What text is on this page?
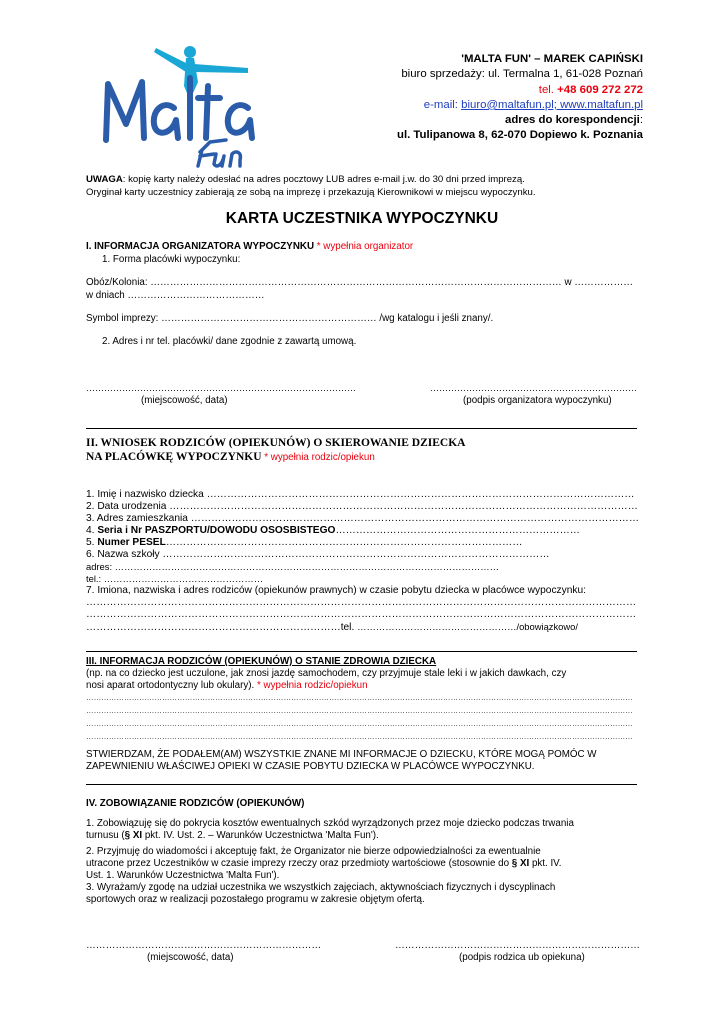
'MALTA FUN' – MAREK CAPIŃSKI
biuro sprzedaży: ul. Termalna 1, 61-028 Poznań
tel. +48 609 272 272
e-mail: biuro@maltafun.pl; www.maltafun.pl
adres do korespondencji:
ul. Tulipanowa 8, 62-070 Dopiewo k. Poznania
UWAGA: kopię karty należy odesłać na adres pocztowy LUB adres e-mail j.w. do 30 dni przed imprezą.
Oryginał karty uczestnicy zabierają ze sobą na imprezę i przekazują Kierownikowi w miejscu wypoczynku.
KARTA UCZESTNIKA WYPOCZYNKU
I. INFORMACJA ORGANIZATORA WYPOCZYNKU * wypełnia organizator
1. Forma placówki wypoczynku:
Obóz/Kolonia: ……………………………………………………………………………………………………………… w ………………
w dniach ……………………………………
Symbol imprezy: ………………………………………………………… /wg katalogu i jeśli znany/.
2. Adres i nr tel. placówki/ dane zgodnie z zawartą umową.
………………………………………………………………………………	……………………………………………………………
(miejscowość, data)	(podpis organizatora wypoczynku)
II. WNIOSEK RODZICÓW (OPIEKUNÓW) O SKIEROWANIE DZIECKA
NA PLACÓWKĘ WYPOCZYNKU * wypełnia rodzic/opiekun
1. Imię i nazwisko dziecka ………………………………………………………………………………………………………………
2. Data urodzenia …………………………………………………………………………………………………………………………
3. Adres zamieszkania ……………………………………………………………………………………………………………………
4. Seria i Nr PASZPORTU/DOWODU OSOSBISTEGO………………………………………………………………
5. Numer PESEL……………………………………………………………………………………………
6. Nazwa szkoły ……………………………………………………………………………………………………
adres: ……………………………………………………………………………………………………………
tel.: ……………………………………………
7. Imiona, nazwiska i adres rodziców (opiekunów prawnych) w czasie pobytu dziecka w placówce wypoczynku:
………………………………………………………………………………………………………………………………………………
………………………………………………………………………………………………………………………………………………
…………………………………………………………………tel. ……………………………………………/obowiązkowo/
III. INFORMACJA RODZICÓW (OPIEKUNÓW) O STANIE ZDROWIA DZIECKA
(np. na co dziecko jest uczulone, jak znosi jazdę samochodem, czy przyjmuje stale leki i w jakich dawkach, czy
nosi aparat ortodontyczny lub okulary). * wypełnia rodzic/opiekun
………………………………………………………………………………………………………………………………………………………………………………………………
………………………………………………………………………………………………………………………………………………………………………………………………
………………………………………………………………………………………………………………………………………………………………………………………………
………………………………………………………………………………………………………………………………………………………………………………………………
STWIERDZAM, ŻE PODAŁEM(AM) WSZYSTKIE ZNANE MI INFORMACJE O DZIECKU, KTÓRE MOGĄ POMÓC W
ZAPEWNIENIU WŁAŚCIWEJ OPIEKI W CZASIE POBYTU DZIECKA W PLACÓWCE WYPOCZYNKU.
IV. ZOBOWIĄZANIE RODZICÓW (OPIEKUNÓW)
1. Zobowiązuję się do pokrycia kosztów ewentualnych szkód wyrządzonych przez moje dziecko podczas trwania
turnusu (§ XI pkt. IV. Ust. 2. – Warunków Uczestnictwa 'Malta Fun').
2. Przyjmuję do wiadomości i akceptuję fakt, że Organizator nie bierze odpowiedzialności za ewentualnie
utracone przez Uczestników w czasie imprezy rzeczy oraz przedmioty wartościowe (stosownie do § XI pkt. IV.
Ust. 1. Warunków Uczestnictwa 'Malta Fun').
3. Wyrażam/y zgodę na udział uczestnika we wszystkich zajęciach, aktywnościach fizycznych i dyscyplinach
sportowych oraz w realizacji pozostałego programu w zakresie objętym ofertą.
………………………………………………………………	…………………………………………………………………
(miejscowość, data)	(podpis rodzica ub opiekuna)
